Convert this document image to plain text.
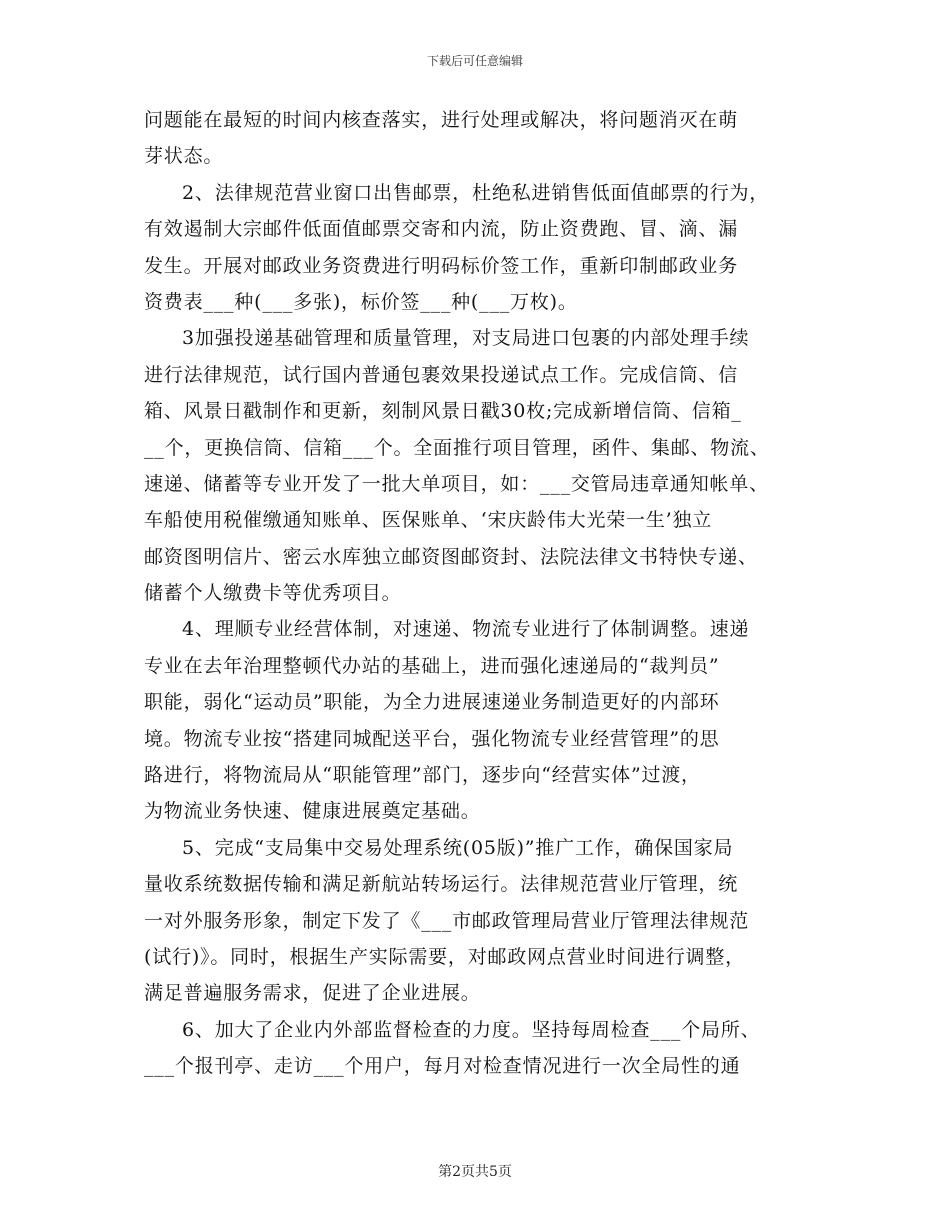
下载后可任意编辑
问题能在最短的时间内核查落实，进行处理或解决，将问题消灭在萌
芽状态。
2、法律规范营业窗口出售邮票，杜绝私进销售低面值邮票的行为，
有效遏制大宗邮件低面值邮票交寄和内流，防止资费跑、冒、滴、漏
发生。开展对邮政业务资费进行明码标价签工作，重新印制邮政业务
资费表___种(___多张)，标价签___种(___万枚)。
3加强投递基础管理和质量管理，对支局进口包裹的内部处理手续
进行法律规范，试行国内普通包裹效果投递试点工作。完成信筒、信
箱、风景日戳制作和更新，刻制风景日戳30枚;完成新增信筒、信箱_
__个，更换信筒、信箱___个。全面推行项目管理，函件、集邮、物流、
速递、储蓄等专业开发了一批大单项目，如：___交管局违章通知帐单、
车船使用税催缴通知账单、医保账单、‘宋庆龄伟大光荣一生’独立
邮资图明信片、密云水库独立邮资图邮资封、法院法律文书特快专递、
储蓄个人缴费卡等优秀项目。
4、理顺专业经营体制，对速递、物流专业进行了体制调整。速递
专业在去年治理整顿代办站的基础上，进而强化速递局的“裁判员”
职能，弱化“运动员”职能，为全力进展速递业务制造更好的内部环
境。物流专业按“搭建同城配送平台，强化物流专业经营管理”的思
路进行，将物流局从“职能管理”部门，逐步向“经营实体”过渡，
为物流业务快速、健康进展奠定基础。
5、完成“支局集中交易处理系统(05版)”推广工作，确保国家局
量收系统数据传输和满足新航站转场运行。法律规范营业厅管理，统
一对外服务形象，制定下发了《___市邮政管理局营业厅管理法律规范
(试行)》。同时，根据生产实际需要，对邮政网点营业时间进行调整，
满足普遍服务需求，促进了企业进展。
6、加大了企业内外部监督检查的力度。坚持每周检查___个局所、
___个报刊亭、走访___个用户，每月对检查情况进行一次全局性的通
第2页共5页
